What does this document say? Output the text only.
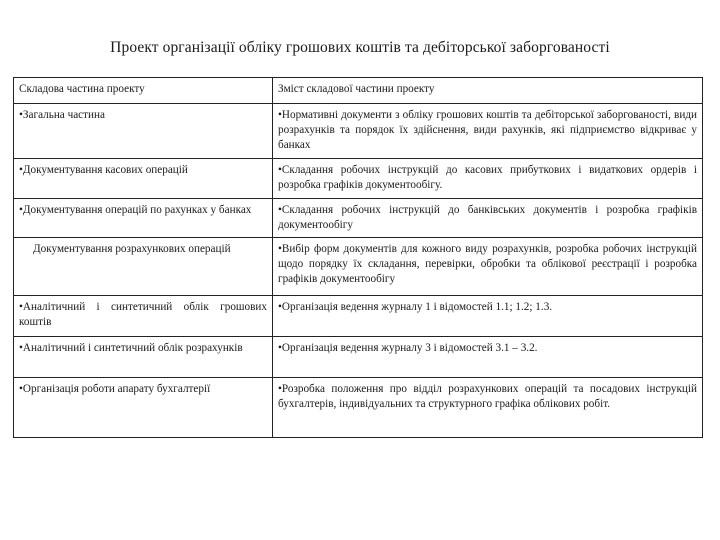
Проект організації обліку грошових коштів та дебіторської заборгованості
Складова частина проекту	Зміст складової частини проекту

•Загальна частина	•Нормативні документи з обліку грошових коштів та дебіторської заборгованості, види розрахунків та порядок їх здійснення, види рахунків, які підприємство відкриває у банках

•Документування касових операцій	•Складання робочих інструкцій до касових прибуткових і видаткових ордерів і розробка графіків документообігу.

•Документування операцій по рахунках у банках	•Складання робочих інструкцій до банківських документів і розробка графіків документообігу

Документування розрахункових операцій	•Вибір форм документів для кожного виду розрахунків, розробка робочих інструкцій щодо порядку їх складання, перевірки, обробки та облікової реєстрації і розробка графіків документообігу

•Аналітичний і синтетичний облік грошових коштів	•Організація ведення журналу 1 і відомостей 1.1; 1.2; 1.3.

•Аналітичний і синтетичний облік розрахунків	•Організація ведення журналу 3 і відомостей 3.1 – 3.2.

•Організація роботи апарату бухгалтерії	•Розробка положення про відділ розрахункових операцій та посадових інструкцій бухгалтерів, індивідуальних та структурного графіка облікових робіт.
